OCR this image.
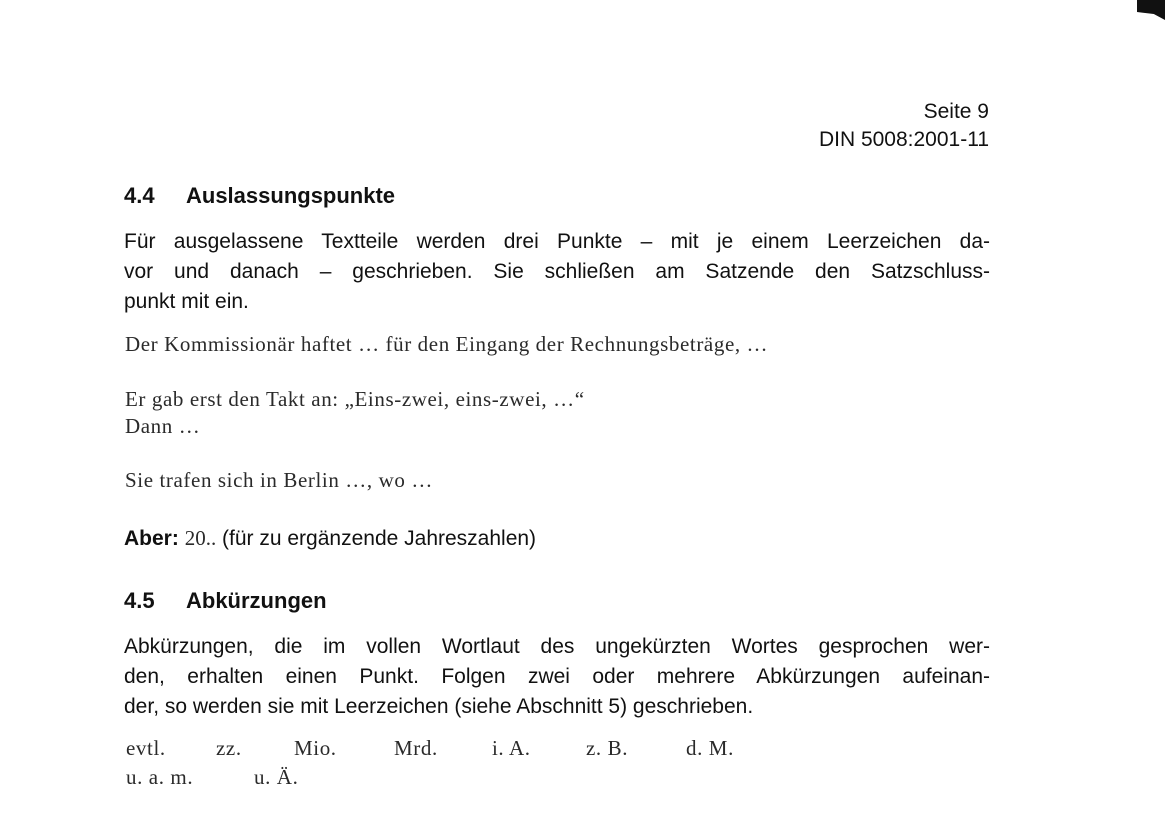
Seite 9
DIN 5008:2001-11
4.4 Auslassungspunkte
Für ausgelassene Textteile werden drei Punkte – mit je einem Leerzeichen da-
vor und danach – geschrieben. Sie schließen am Satzende den Satzschluss-
punkt mit ein.
Der Kommissionär haftet … für den Eingang der Rechnungsbeträge, …
Er gab erst den Takt an: „Eins-zwei, eins-zwei, …“
Dann …
Sie trafen sich in Berlin …, wo …
Aber: 20.. (für zu ergänzende Jahreszahlen)
4.5 Abkürzungen
Abkürzungen, die im vollen Wortlaut des ungekürzten Wortes gesprochen wer-
den, erhalten einen Punkt. Folgen zwei oder mehrere Abkürzungen aufeinan-
der, so werden sie mit Leerzeichen (siehe Abschnitt 5) geschrieben.
evtl. zz. Mio.	Mrd.	i. A.	z. B.	d. M.
u. a. m.	u. Ä.
